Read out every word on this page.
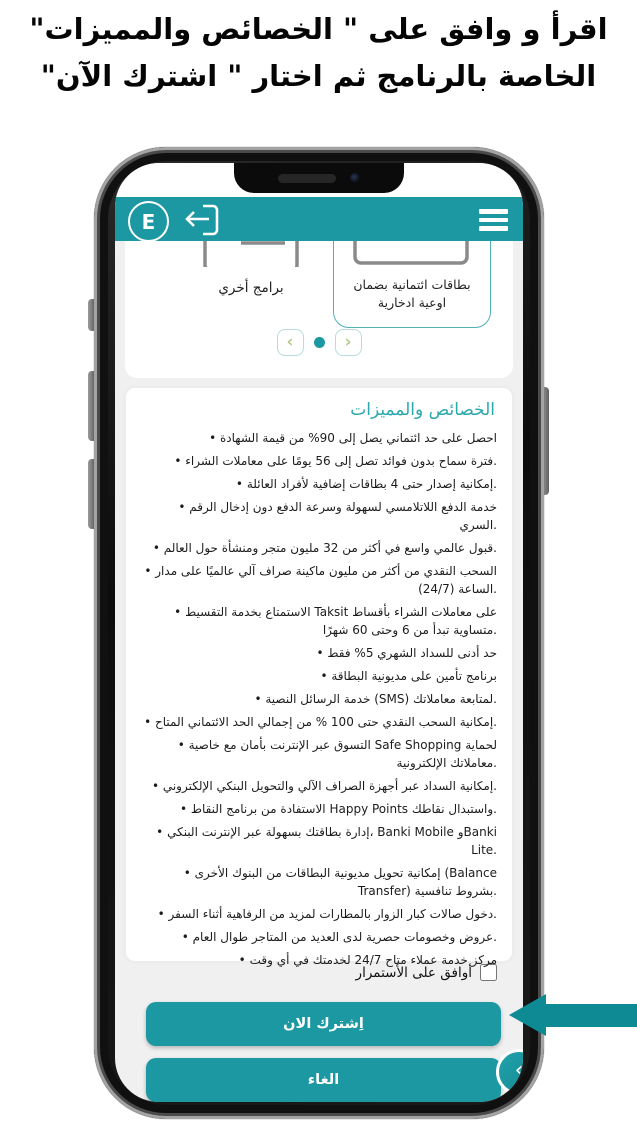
اقرأ و وافق على " الخصائص والمميزات"
الخاصة بالرنامج ثم اختار " اشترك الآن"
برامج أخري	بطاقات ائتمانية بضمان اوعية ادخارية
‹	›
الخصائص والمميزات
• احصل على حد ائتماني يصل إلى 90% من قيمة الشهادة
• فترة سماح بدون فوائد تصل إلى 56 يومًا على معاملات الشراء.
• إمكانية إصدار حتى 4 بطاقات إضافية لأفراد العائلة.
• خدمة الدفع اللاتلامسي لسهولة وسرعة الدفع دون إدخال الرقم السري.
• قبول عالمي واسع في أكثر من 32 مليون متجر ومنشأة حول العالم.
• السحب النقدي من أكثر من مليون ماكينة صراف آلي عالميًا على مدار الساعة (24/7).
• الاستمتاع بخدمة التقسيط Taksit على معاملات الشراء بأقساط متساوية تبدأ من 6 وحتى 60 شهرًا.
• حد أدنى للسداد الشهري 5% فقط
• برنامج تأمين على مديونية البطاقة
• خدمة الرسائل النصية (SMS) لمتابعة معاملاتك.
• إمكانية السحب النقدي حتى 100 % من إجمالي الحد الائتماني المتاح.
• التسوق عبر الإنترنت بأمان مع خاصية Safe Shopping لحماية معاملاتك الإلكترونية.
• إمكانية السداد عبر أجهزة الصراف الآلي والتحويل البنكي الإلكتروني.
• الاستفادة من برنامج النقاط Happy Points واستبدال نقاطك.
• إدارة بطاقتك بسهولة عبر الإنترنت البنكي، Banki Mobile وBanki Lite.
• إمكانية تحويل مديونية البطاقات من البنوك الأخرى (Balance Transfer) بشروط تنافسية.
• دخول صالات كبار الزوار بالمطارات لمزيد من الرفاهية أثناء السفر.
• عروض وخصومات حصرية لدى العديد من المتاجر طوال العام.
• مركز خدمة عملاء متاح 24/7 لخدمتك في أي وقت
أوافق على الأستمرار
اِشترك الان
الغاء	‹
E
